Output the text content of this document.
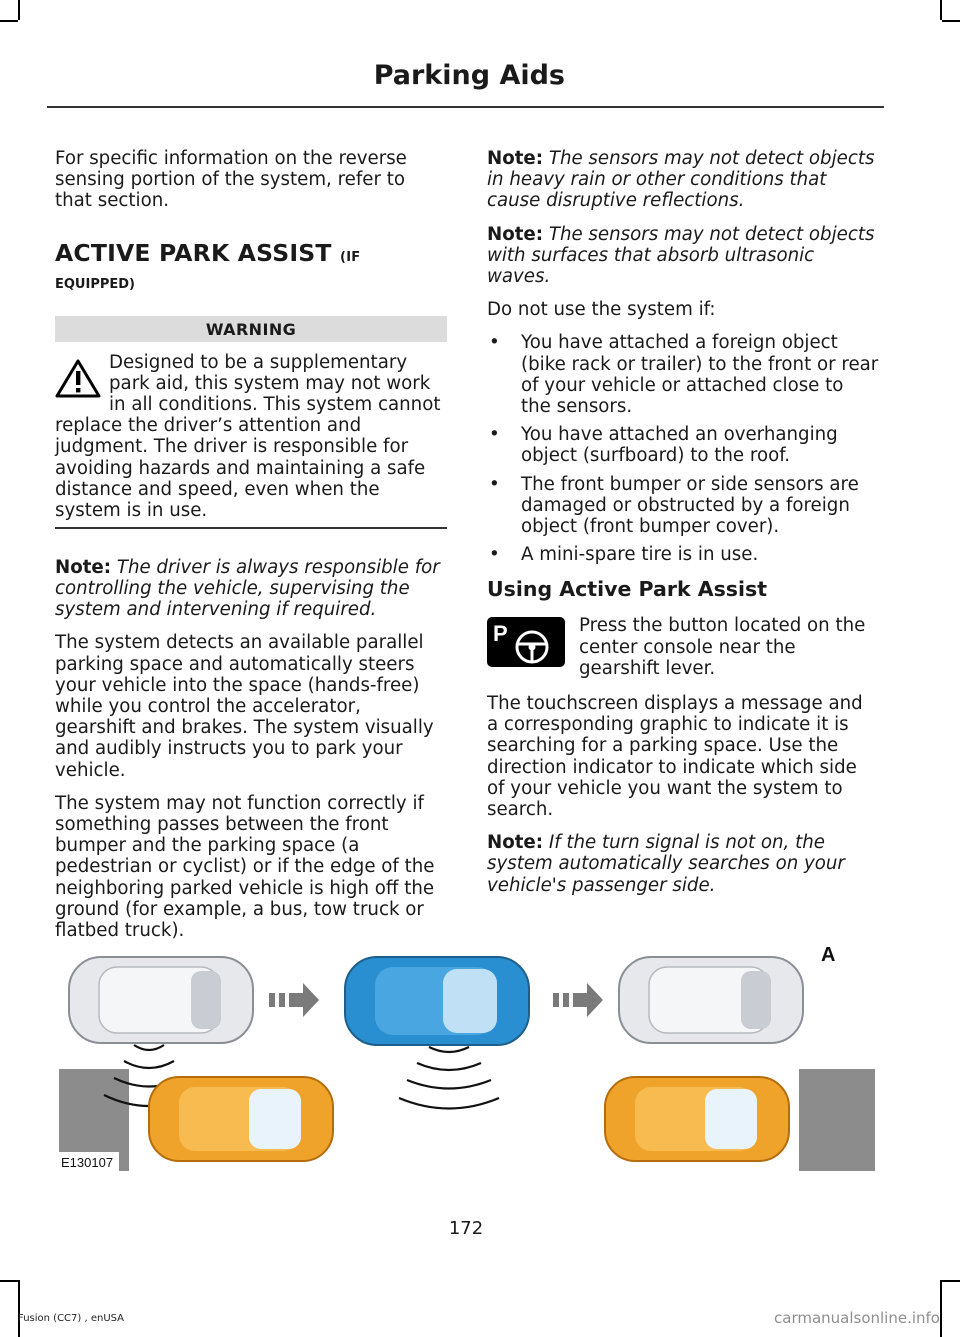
Parking Aids

For specific information on the reverse sensing portion of the system, refer to that section.

ACTIVE PARK ASSIST (IF
EQUIPPED)
WARNING
Designed to be a supplementary park aid, this system may not work in all conditions. This system cannot replace the driver’s attention and judgment. The driver is responsible for avoiding hazards and maintaining a safe distance and speed, even when the system is in use.

Note: The driver is always responsible for controlling the vehicle, supervising the system and intervening if required.

The system detects an available parallel parking space and automatically steers your vehicle into the space (hands-free) while you control the accelerator, gearshift and brakes. The system visually and audibly instructs you to park your vehicle.

The system may not function correctly if something passes between the front bumper and the parking space (a pedestrian or cyclist) or if the edge of the neighboring parked vehicle is high off the ground (for example, a bus, tow truck or flatbed truck).

Note: The sensors may not detect objects in heavy rain or other conditions that cause disruptive reflections.

Note: The sensors may not detect objects with surfaces that absorb ultrasonic waves.

Do not use the system if:

• You have attached a foreign object (bike rack or trailer) to the front or rear of your vehicle or attached close to the sensors.
• You have attached an overhanging object (surfboard) to the roof.
• The front bumper or side sensors are damaged or obstructed by a foreign object (front bumper cover).
• A mini-spare tire is in use.
Using Active Park Assist
P	Press the button located on the center console near the gearshift lever.

The touchscreen displays a message and a corresponding graphic to indicate it is searching for a parking space. Use the direction indicator to indicate which side of your vehicle you want the system to search.

Note: If the turn signal is not on, the system automatically searches on your vehicle's passenger side.

A
E130107
172
Fusion (CC7) , enUSA	carmanualsonline.info
